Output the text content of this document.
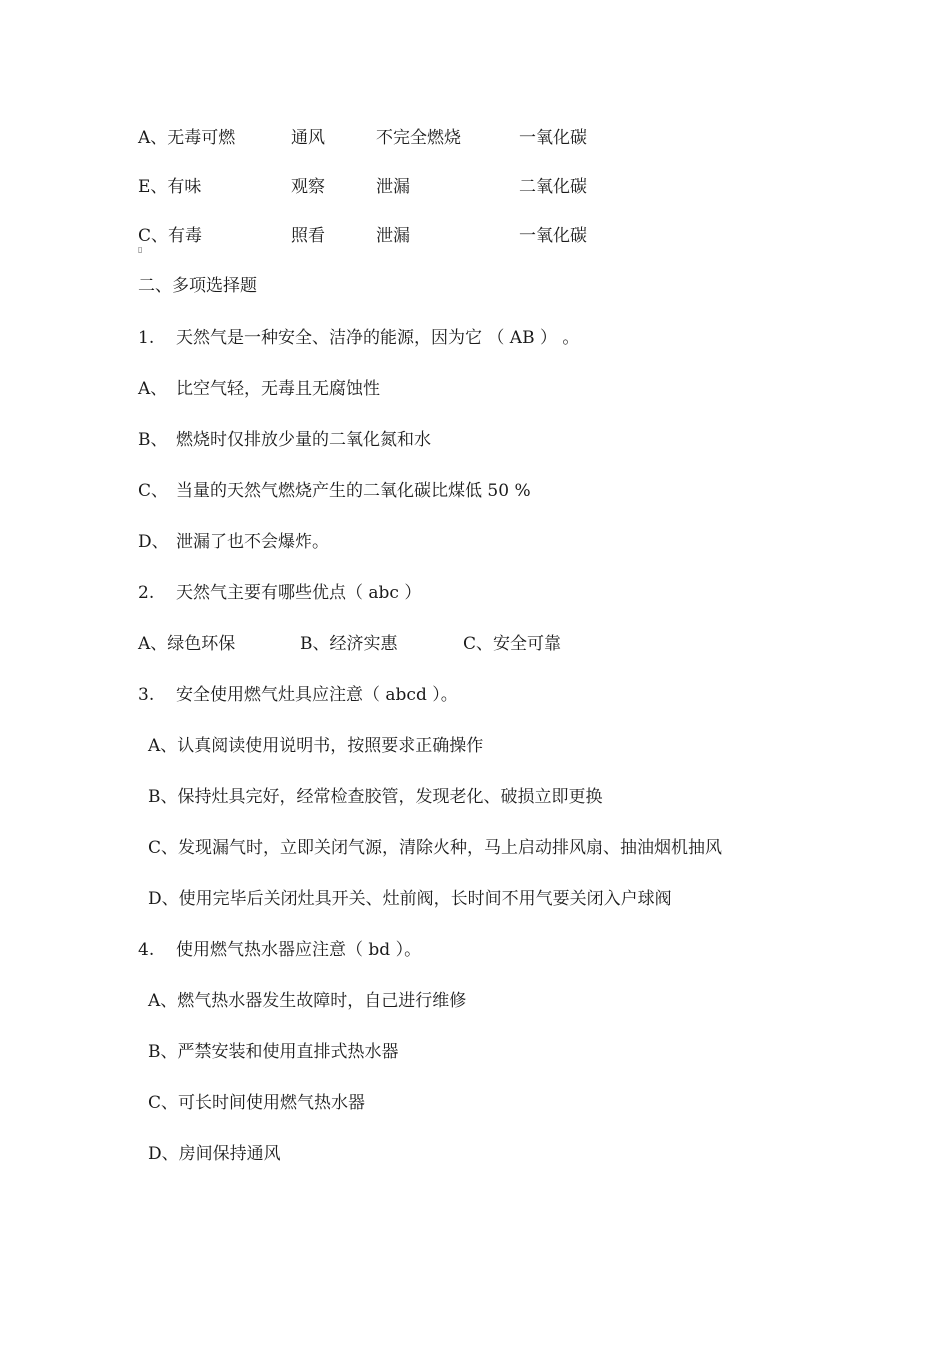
A、无毒可燃	通风	不完全燃烧	一氧化碳
E、有味	观察	泄漏	二氧化碳
C、有毒	照看	泄漏	一氧化碳
▯
二、多项选择题
1. 天然气是一种安全、洁净的能源，因为它 （ AB ） 。
A、 比空气轻，无毒且无腐蚀性
B、 燃烧时仅排放少量的二氧化氮和水
C、 当量的天然气燃烧产生的二氧化碳比煤低 50 %
D、 泄漏了也不会爆炸。
2. 天然气主要有哪些优点（ abc ）
A、绿色环保	B、经济实惠	C、安全可靠
3. 安全使用燃气灶具应注意（ abcd ）。
A、认真阅读使用说明书，按照要求正确操作
B、保持灶具完好，经常检查胶管，发现老化、破损立即更换
C、发现漏气时，立即关闭气源，清除火种，马上启动排风扇、抽油烟机抽风
D、使用完毕后关闭灶具开关、灶前阀，长时间不用气要关闭入户球阀
4. 使用燃气热水器应注意（ bd ）。
A、燃气热水器发生故障时，自己进行维修
B、严禁安装和使用直排式热水器
C、可长时间使用燃气热水器
D、房间保持通风
